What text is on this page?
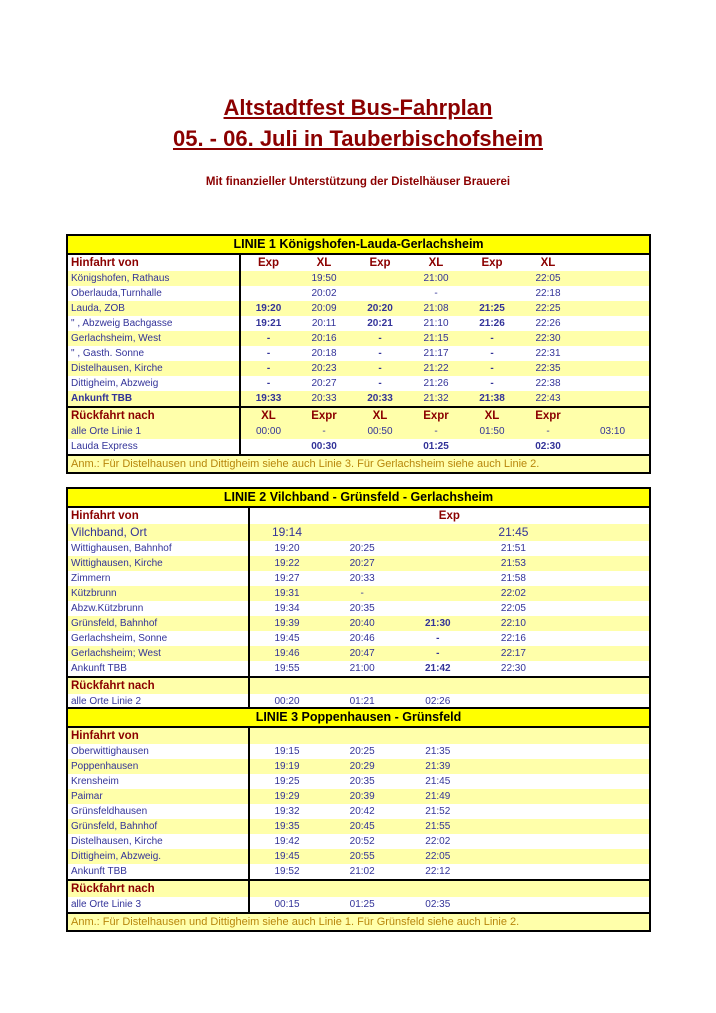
Altstadtfest Bus-Fahrplan
05. - 06. Juli in Tauberbischofsheim
Mit finanzieller Unterstützung der Distelhäuser Brauerei
LINIE 1 Königshofen-Lauda-Gerlachsheim								
Hinfahrt von	Exp	XL	Exp	XL	Exp	XL		
Königshofen, Rathaus		19:50		21:00		22:05		
Oberlauda,Turnhalle		20:02		-		22:18		
Lauda, ZOB	19:20	20:09	20:20	21:08	21:25	22:25		
" , Abzweig Bachgasse	19:21	20:11	20:21	21:10	21:26	22:26		
Gerlachsheim, West	-	20:16	-	21:15	-	22:30		
" , Gasth. Sonne	-	20:18	-	21:17	-	22:31		
Distelhausen, Kirche	-	20:23	-	21:22	-	22:35		
Dittigheim, Abzweig	-	20:27	-	21:26	-	22:38		
Ankunft TBB	19:33	20:33	20:33	21:32	21:38	22:43		
Rückfahrt nach	XL	Expr	XL	Expr	XL	Expr		
alle Orte Linie 1	00:00	-	00:50	-	01:50	-	03:10	
Lauda Express		00:30		01:25		02:30		
Anm.: Für Distelhausen und Dittigheim siehe auch Linie 3. Für Gerlachsheim siehe auch Linie 2.								
LINIE 2 Vilchband - Grünsfeld - Gerlachsheim					
Hinfahrt von	Exp				
Vilchband, Ort	19:14			21:45	
Wittighausen, Bahnhof	19:20	20:25		21:51	
Wittighausen, Kirche	19:22	20:27		21:53	
Zimmern	19:27	20:33		21:58	
Kützbrunn	19:31	-		22:02	
Abzw.Kützbrunn	19:34	20:35		22:05	
Grünsfeld, Bahnhof	19:39	20:40	21:30	22:10	
Gerlachsheim, Sonne	19:45	20:46	-	22:16	
Gerlachsheim; West	19:46	20:47	-	22:17	
Ankunft TBB	19:55	21:00	21:42	22:30	
Rückfahrt nach					
alle Orte Linie 2	00:20	01:21	02:26		
LINIE 3 Poppenhausen - Grünsfeld					
Hinfahrt von					
Oberwittighausen	19:15	20:25	21:35		
Poppenhausen	19:19	20:29	21:39		
Krensheim	19:25	20:35	21:45		
Paimar	19:29	20:39	21:49		
Grünsfeldhausen	19:32	20:42	21:52		
Grünsfeld, Bahnhof	19:35	20:45	21:55		
Distelhausen, Kirche	19:42	20:52	22:02		
Dittigheim, Abzweig.	19:45	20:55	22:05		
Ankunft TBB	19:52	21:02	22:12		
Rückfahrt nach					
alle Orte Linie 3	00:15	01:25	02:35		
Anm.: Für Distelhausen und Dittigheim siehe auch Linie 1. Für Grünsfeld siehe auch Linie 2.					
